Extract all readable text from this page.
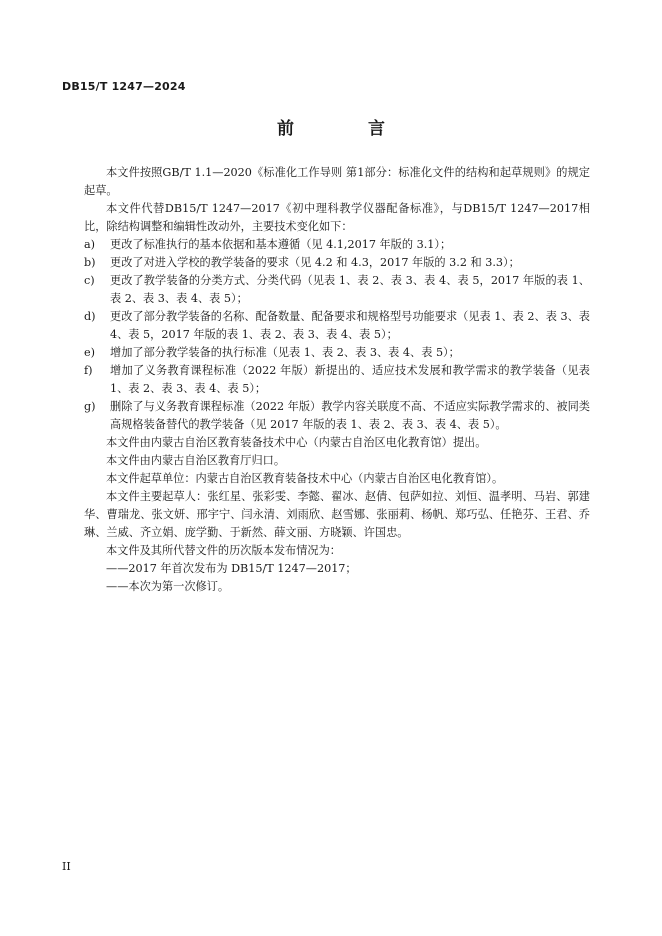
DB15/T 1247—2024
前 言

本文件按照GB/T 1.1—2020《标准化工作导则 第1部分：标准化文件的结构和起草规则》的规定起草。

本文件代替DB15/T 1247—2017《初中理科教学仪器配备标准》，与DB15/T 1247—2017相比，除结构调整和编辑性改动外，主要技术变化如下：

a)	更改了标准执行的基本依据和基本遵循（见 4.1,2017 年版的 3.1）；
b)	更改了对进入学校的教学装备的要求（见 4.2 和 4.3，2017 年版的 3.2 和 3.3）；
c)	更改了教学装备的分类方式、分类代码（见表 1、表 2、表 3、表 4、表 5，2017 年版的表 1、表 2、表 3、表 4、表 5）；
d)	更改了部分教学装备的名称、配备数量、配备要求和规格型号功能要求（见表 1、表 2、表 3、表 4、表 5，2017 年版的表 1、表 2、表 3、表 4、表 5）；
e)	增加了部分教学装备的执行标准（见表 1、表 2、表 3、表 4、表 5）；
f)	增加了义务教育课程标准（2022 年版）新提出的、适应技术发展和教学需求的教学装备（见表 1、表 2、表 3、表 4、表 5）；
g)	删除了与义务教育课程标准（2022 年版）教学内容关联度不高、不适应实际教学需求的、被同类高规格装备替代的教学装备（见 2017 年版的表 1、表 2、表 3、表 4、表 5）。

本文件由内蒙古自治区教育装备技术中心（内蒙古自治区电化教育馆）提出。

本文件由内蒙古自治区教育厅归口。

本文件起草单位：内蒙古自治区教育装备技术中心（内蒙古自治区电化教育馆）。

本文件主要起草人：张红星、张彩雯、李懿、翟冰、赵倩、包萨如拉、刘恒、温孝明、马岩、郭建华、曹瑞龙、张文妍、邢宇宁、闫永清、刘雨欣、赵雪娜、张丽莉、杨帆、郑巧弘、任艳芬、王君、乔琳、兰威、齐立娟、庞学勤、于新然、薛文丽、方晓颖、许国忠。

本文件及其所代替文件的历次版本发布情况为：

——2017 年首次发布为 DB15/T 1247—2017；

——本次为第一次修订。

II
